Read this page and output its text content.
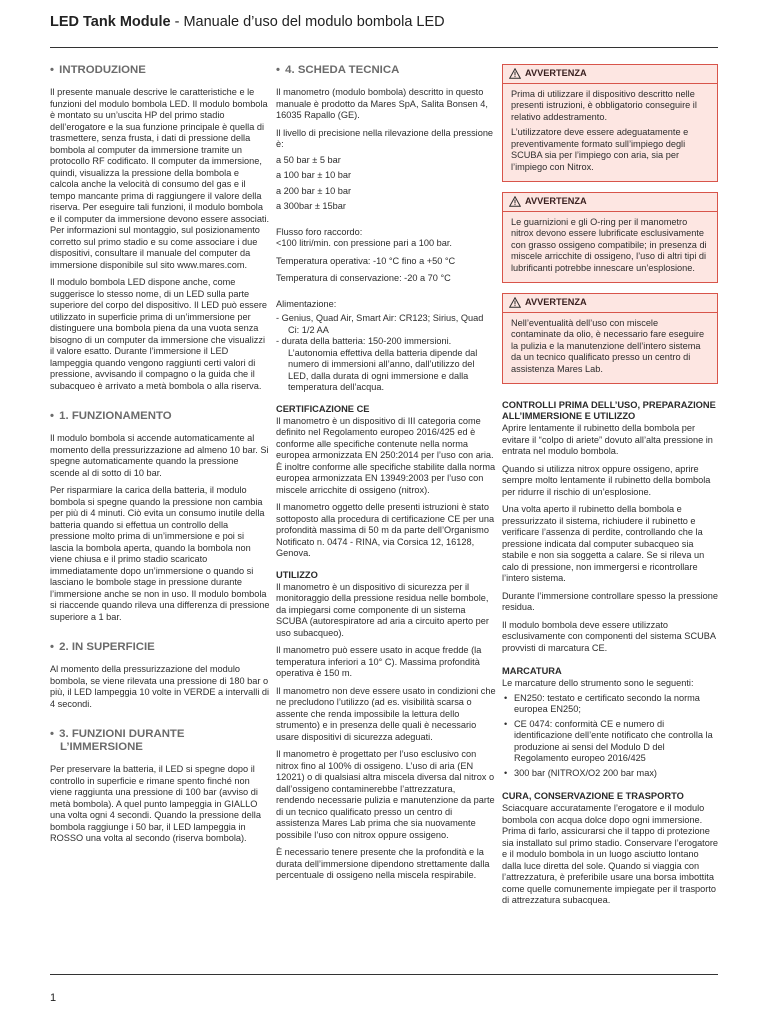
LED Tank Module - Manuale d’uso del modulo bombola LED
• INTRODUZIONE

Il presente manuale descrive le caratteristiche e le funzioni del modulo bombola LED. Il modulo bombola è montato su un’uscita HP del primo stadio dell’erogatore e la sua funzione principale è quella di trasmettere, senza frusta, i dati di pressione della bombola al computer da immersione tramite un protocollo RF codificato. Il computer da immersione, quindi, visualizza la pressione della bombola e calcola anche la velocità di consumo del gas e il tempo mancante prima di raggiungere il valore della riserva. Per eseguire tali funzioni, il modulo bombola e il computer da immersione devono essere associati. Per informazioni sul montaggio, sul posizionamento corretto sul primo stadio e su come associare i due dispositivi, consultare il manuale del computer da immersione disponibile sul sito www.mares.com.

Il modulo bombola LED dispone anche, come suggerisce lo stesso nome, di un LED sulla parte superiore del corpo del dispositivo. Il LED può essere utilizzato in superficie prima di un’immersione per distinguere una bombola piena da una vuota senza bisogno di un computer da immersione che visualizzi il valore esatto. Durante l’immersione il LED lampeggia quando vengono raggiunti certi valori di pressione, avvisando il compagno o la guida che il subacqueo è arrivato a metà bombola o alla riserva.

• 1. FUNZIONAMENTO

Il modulo bombola si accende automaticamente al momento della pressurizzazione ad almeno 10 bar. Si spegne automaticamente quando la pressione scende al di sotto di 10 bar.

Per risparmiare la carica della batteria, il modulo bombola si spegne quando la pressione non cambia per più di 4 minuti. Ciò evita un consumo inutile della batteria quando si effettua un controllo della pressione molto prima di un’immersione e poi si lascia la bombola aperta, quando la bombola non viene chiusa e il primo stadio scaricato immediatamente dopo un’immersione o quando si lasciano le bombole stage in pressione durante l’immersione anche se non in uso. Il modulo bombola si riaccende quando rileva una differenza di pressione superiore a 1 bar.

• 2. IN SUPERFICIE

Al momento della pressurizzazione del modulo bombola, se viene rilevata una pressione di 180 bar o più, il LED lampeggia 10 volte in VERDE a intervalli di 4 secondi.

• 3. FUNZIONI DURANTE L’IMMERSIONE

Per preservare la batteria, il LED si spegne dopo il controllo in superficie e rimane spento finché non viene raggiunta una pressione di 100 bar (avviso di metà bombola). A quel punto lampeggia in GIALLO una volta ogni 4 secondi. Quando la pressione della bombola raggiunge i 50 bar, il LED lampeggia in ROSSO una volta al secondo (riserva bombola).

• 4. SCHEDA TECNICA

Il manometro (modulo bombola) descritto in questo manuale è prodotto da Mares SpA, Salita Bonsen 4, 16035 Rapallo (GE).

Il livello di precisione nella rilevazione della pressione è:

a 50 bar ± 5 bar

a 100 bar ± 10 bar

a 200 bar ± 10 bar

a 300bar ± 15bar

Flusso foro raccordo:
<100 litri/min. con pressione pari a 100 bar.

Temperatura operativa: -10 °C fino a +50 °C

Temperatura di conservazione: -20 a 70 °C

Alimentazione:

- Genius, Quad Air, Smart Air: CR123; Sirius, Quad Ci: 1/2 AA
- durata della batteria: 150-200 immersioni. L’autonomia effettiva della batteria dipende dal numero di immersioni all’anno, dall’utilizzo del LED, dalla durata di ogni immersione e dalla temperatura dell’acqua.
CERTIFICAZIONE CE

Il manometro è un dispositivo di III categoria come definito nel Regolamento europeo 2016/425 ed è conforme alle specifiche contenute nella norma europea armonizzata EN 250:2014 per l’uso con aria. È inoltre conforme alle specifiche stabilite dalla norma europea armonizzata EN 13949:2003 per l’uso con miscele arricchite di ossigeno (nitrox).

Il manometro oggetto delle presenti istruzioni è stato sottoposto alla procedura di certificazione CE per una profondità massima di 50 m da parte dell’Organismo Notificato n. 0474 - RINA, via Corsica 12, 16128, Genova.

UTILIZZO

Il manometro è un dispositivo di sicurezza per il monitoraggio della pressione residua nelle bombole, da impiegarsi come componente di un sistema SCUBA (autorespiratore ad aria a circuito aperto per uso subacqueo).

Il manometro può essere usato in acque fredde (la temperatura inferiori a 10° C). Massima profondità operativa è 150 m.

Il manometro non deve essere usato in condizioni che ne precludono l’utilizzo (ad es. visibilità scarsa o assente che renda impossibile la lettura dello strumento) e in presenza delle quali è necessario usare dispositivi di sicurezza adeguati.

Il manometro è progettato per l’uso esclusivo con nitrox fino al 100% di ossigeno. L’uso di aria (EN 12021) o di qualsiasi altra miscela diversa dal nitrox o dall’ossigeno contaminerebbe l’attrezzatura, rendendo necessarie pulizia e manutenzione da parte di un tecnico qualificato presso un centro di assistenza Mares Lab prima che sia nuovamente possibile l’uso con nitrox oppure ossigeno.

È necessario tenere presente che la profondità e la durata dell’immersione dipendono strettamente dalla percentuale di ossigeno nella miscela respirabile.

AVVERTENZA

Prima di utilizzare il dispositivo descritto nelle presenti istruzioni, è obbligatorio conseguire il relativo addestramento.

L’utilizzatore deve essere adeguatamente e preventivamente formato sull’impiego degli SCUBA sia per l’impiego con aria, sia per l’impiego con Nitrox.

AVVERTENZA

Le guarnizioni e gli O-ring per il manometro nitrox devono essere lubrificate esclusivamente con grasso ossigeno compatibile; in presenza di miscele arricchite di ossigeno, l’uso di altri tipi di lubrificanti potrebbe innescare un’esplosione.

AVVERTENZA

Nell’eventualità dell’uso con miscele contaminate da olio, è necessario fare eseguire la pulizia e la manutenzione dell’intero sistema da un tecnico qualificato presso un centro di assistenza Mares Lab.

CONTROLLI PRIMA DELL’USO, PREPARAZIONE ALL’IMMERSIONE E UTILIZZO

Aprire lentamente il rubinetto della bombola per evitare il “colpo di ariete” dovuto all’alta pressione in entrata nel modulo bombola.

Quando si utilizza nitrox oppure ossigeno, aprire sempre molto lentamente il rubinetto della bombola per ridurre il rischio di un’esplosione.

Una volta aperto il rubinetto della bombola e pressurizzato il sistema, richiudere il rubinetto e verificare l’assenza di perdite, controllando che la pressione indicata dal computer subacqueo sia stabile e non sia soggetta a calare. Se si rileva un calo di pressione, non immergersi e ricontrollare l’intero sistema.

Durante l’immersione controllare spesso la pressione residua.

Il modulo bombola deve essere utilizzato esclusivamente con componenti del sistema SCUBA provvisti di marcatura CE.

MARCATURA

Le marcature dello strumento sono le seguenti:

• EN250: testato e certificato secondo la norma europea EN250;
• CE 0474: conformità CE e numero di identificazione dell’ente notificato che controlla la produzione ai sensi del Modulo D del Regolamento europeo 2016/425
• 300 bar (NITROX/O2 200 bar max)
CURA, CONSERVAZIONE E TRASPORTO

Sciacquare accuratamente l’erogatore e il modulo bombola con acqua dolce dopo ogni immersione. Prima di farlo, assicurarsi che il tappo di protezione sia installato sul primo stadio. Conservare l’erogatore e il modulo bombola in un luogo asciutto lontano dalla luce diretta del sole. Quando si viaggia con l’attrezzatura, è preferibile usare una borsa imbottita come quelle comunemente impiegate per il trasporto di attrezzatura subacquea.

1
